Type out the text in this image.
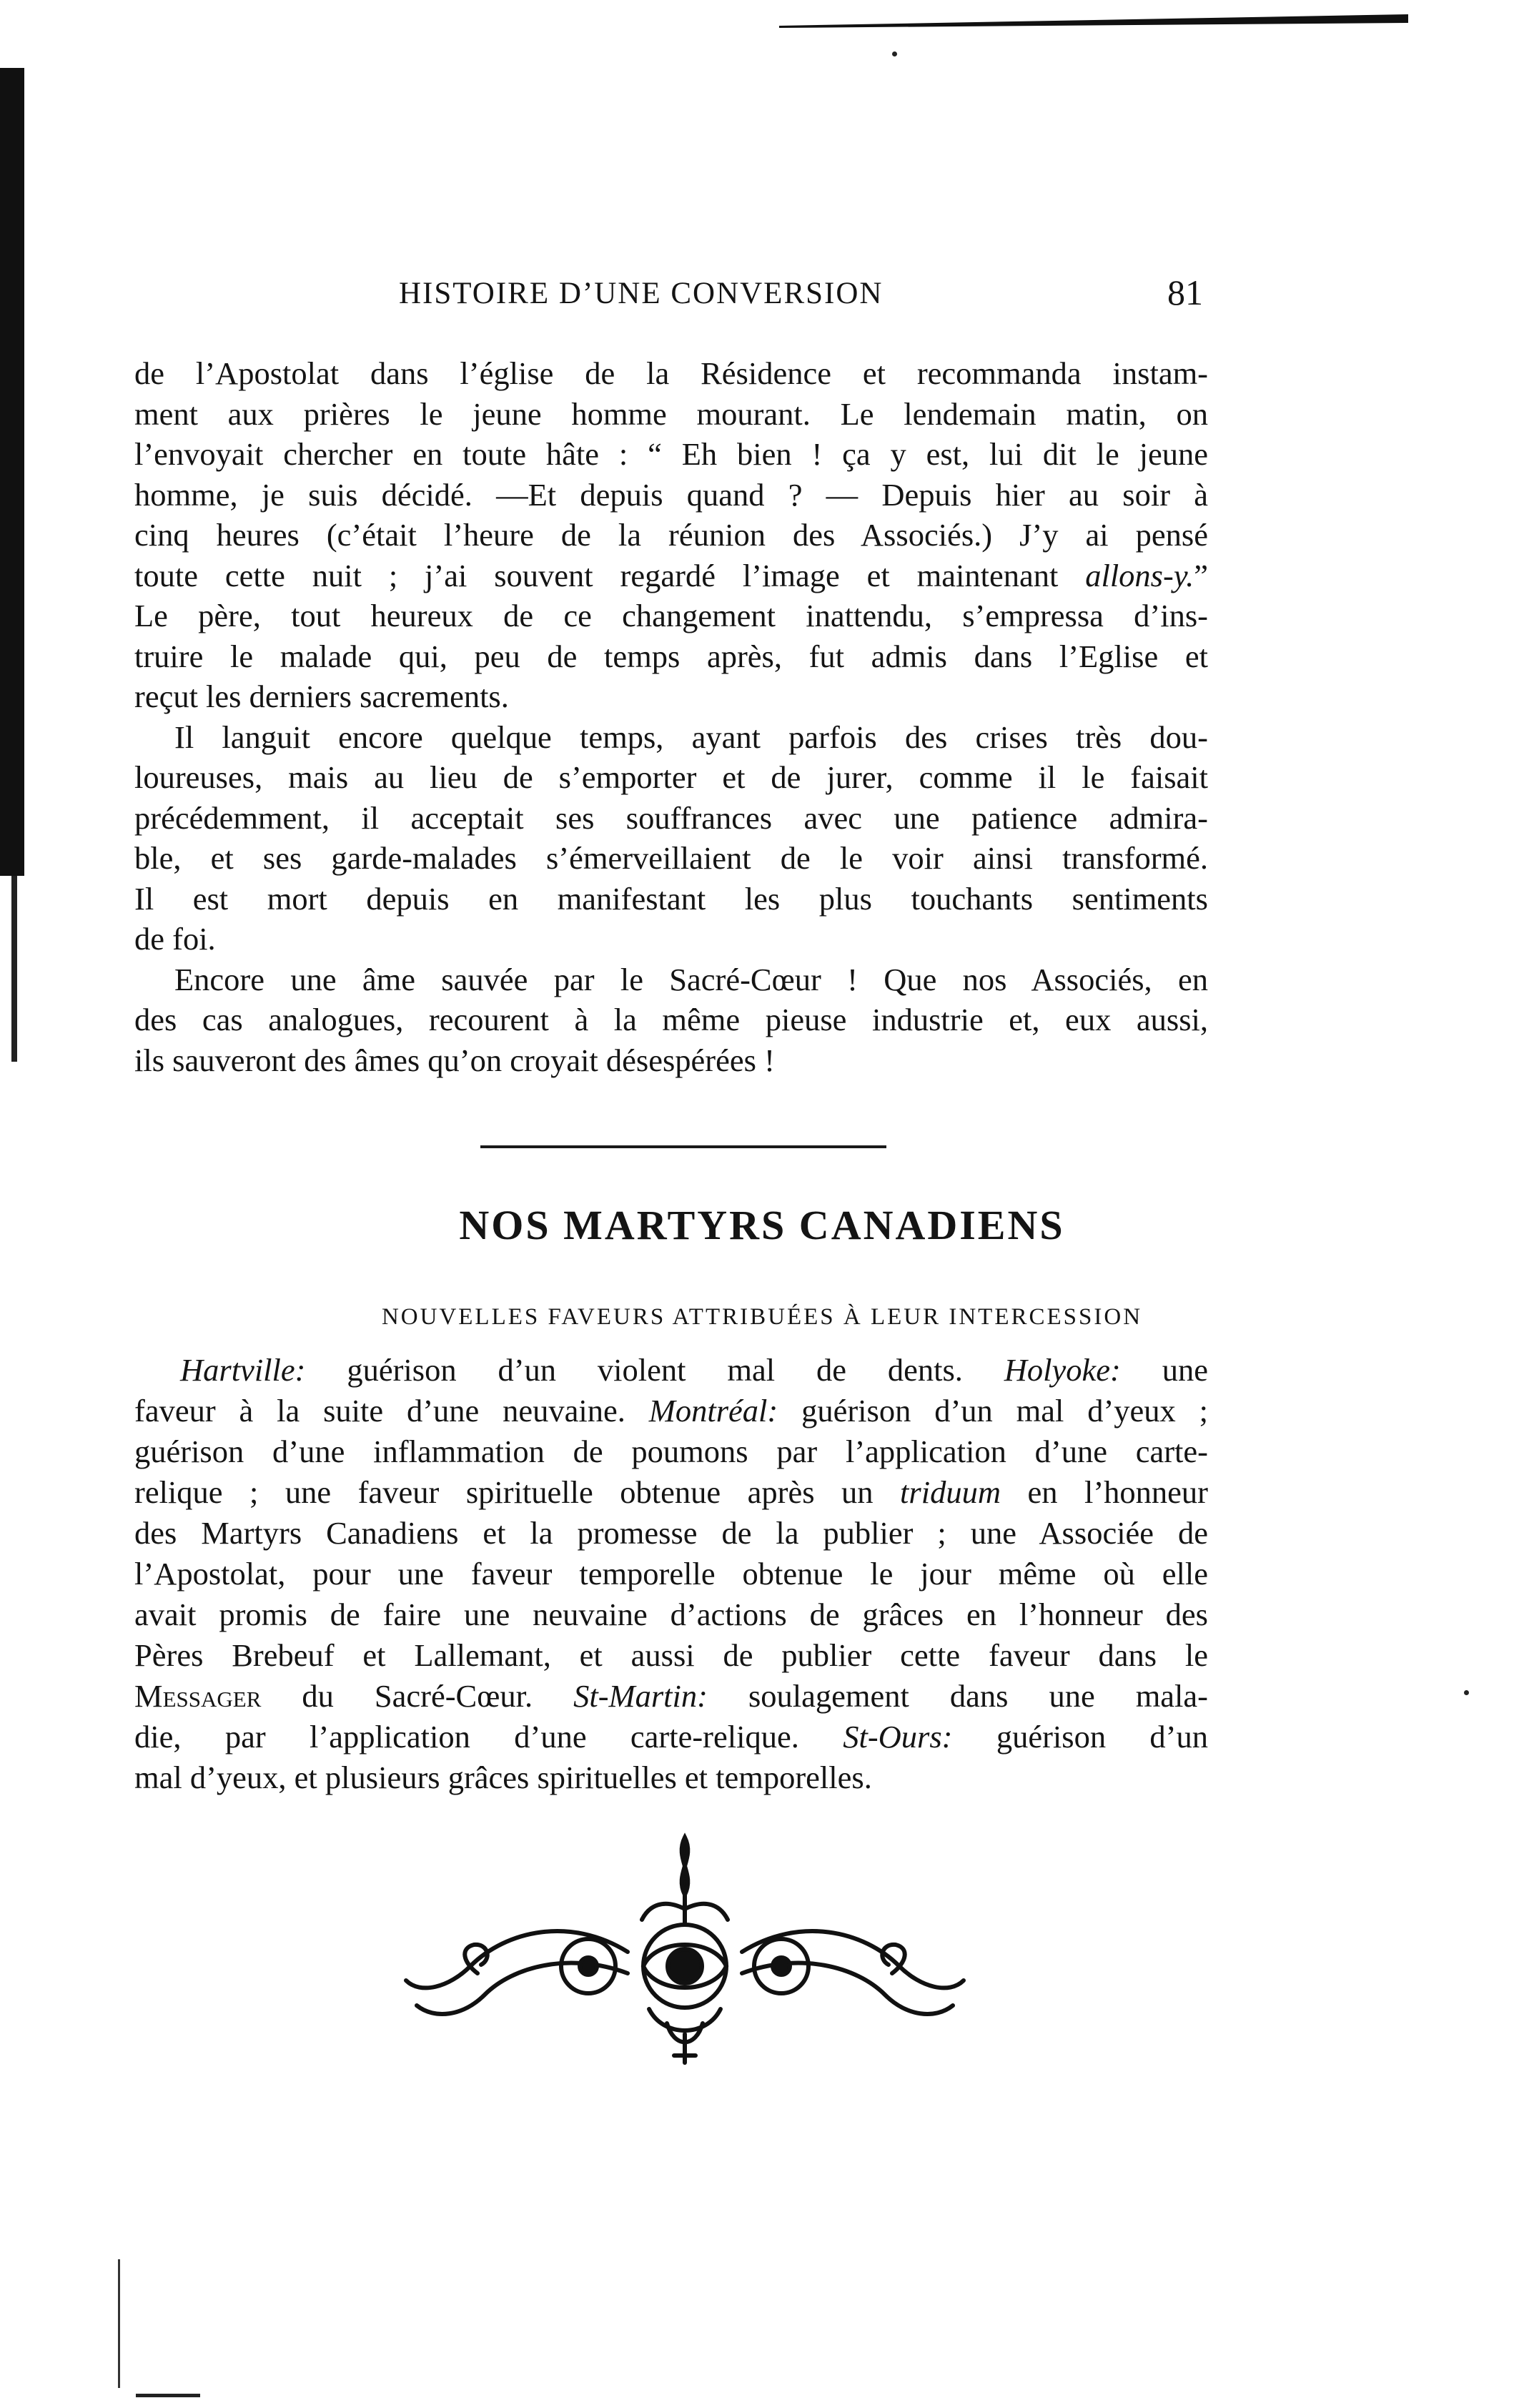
HISTOIRE D’UNE CONVERSION	81
de l’Apostolat dans l’église de la Résidence et recommanda instam-
ment aux prières le jeune homme mourant. Le lendemain matin, on
l’envoyait chercher en toute hâte : “ Eh bien ! ça y est, lui dit le jeune
homme, je suis décidé. —Et depuis quand ? — Depuis hier au soir à
cinq heures (c’était l’heure de la réunion des Associés.) J’y ai pensé
toute cette nuit ; j’ai souvent regardé l’image et maintenant allons-y.”
Le père, tout heureux de ce changement inattendu, s’empressa d’ins-
truire le malade qui, peu de temps après, fut admis dans l’Eglise et
reçut les derniers sacrements.
Il languit encore quelque temps, ayant parfois des crises très dou-
loureuses, mais au lieu de s’emporter et de jurer, comme il le faisait
précédemment, il acceptait ses souffrances avec une patience admira-
ble, et ses garde-malades s’émerveillaient de le voir ainsi transformé.
Il est mort depuis en manifestant les plus touchants sentiments
de foi.
Encore une âme sauvée par le Sacré-Cœur ! Que nos Associés, en
des cas analogues, recourent à la même pieuse industrie et, eux aussi,
ils sauveront des âmes qu’on croyait désespérées !
NOS MARTYRS CANADIENS
NOUVELLES FAVEURS ATTRIBUÉES À LEUR INTERCESSION
Hartville: guérison d’un violent mal de dents. Holyoke: une
faveur à la suite d’une neuvaine. Montréal: guérison d’un mal d’yeux ;
guérison d’une inflammation de poumons par l’application d’une carte-
relique ; une faveur spirituelle obtenue après un triduum en l’honneur
des Martyrs Canadiens et la promesse de la publier ; une Associée de
l’Apostolat, pour une faveur temporelle obtenue le jour même où elle
avait promis de faire une neuvaine d’actions de grâces en l’honneur des
Pères Brebeuf et Lallemant, et aussi de publier cette faveur dans le
Messager du Sacré-Cœur. St-Martin: soulagement dans une mala-
die, par l’application d’une carte-relique. St-Ours: guérison d’un
mal d’yeux, et plusieurs grâces spirituelles et temporelles.
